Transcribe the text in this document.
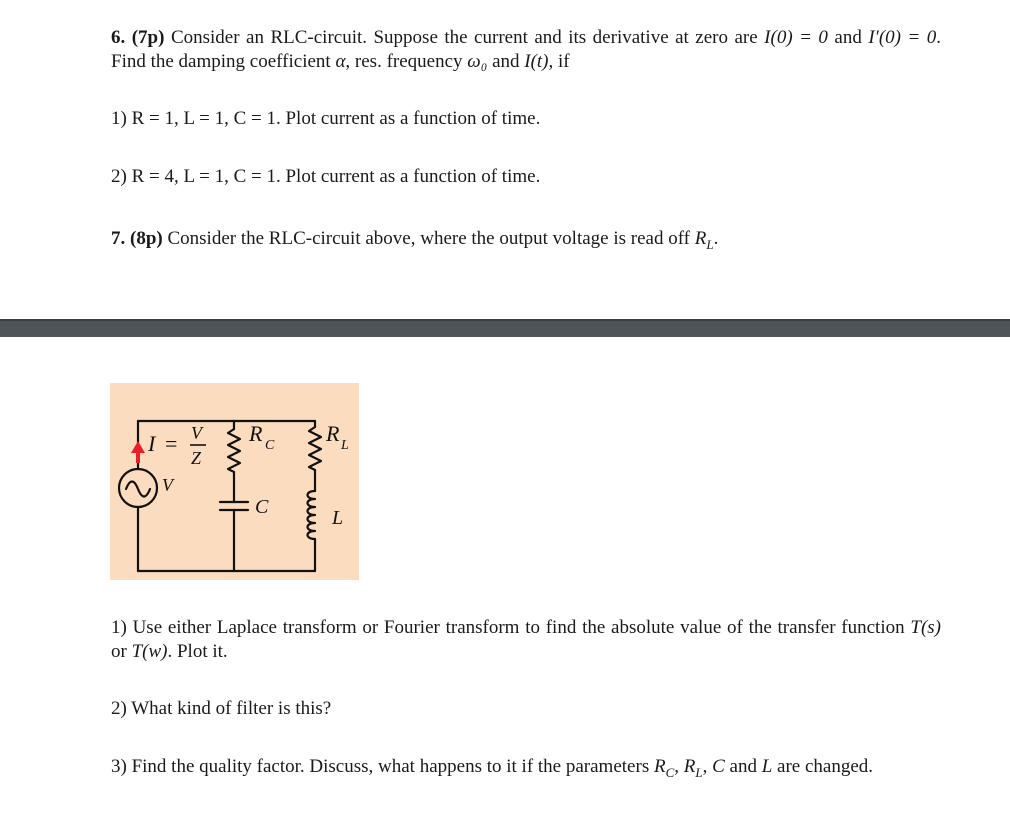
6. (7p) Consider an RLC-circuit. Suppose the current and its derivative at zero are I(0) = 0 and I′(0) = 0. Find the damping coefficient α, res. frequency ω₀ and I(t), if
1) R = 1, L = 1, C = 1. Plot current as a function of time.
2) R = 4, L = 1, C = 1. Plot current as a function of time.
7. (8p) Consider the RLC-circuit above, where the output voltage is read off $R_L$.
I = V
Z
V
R C R L
C	L
1) Use either Laplace transform or Fourier transform to find the absolute value of the transfer function T(s) or T(w). Plot it.
2) What kind of filter is this?
3) Find the quality factor. Discuss, what happens to it if the parameters $R_C$, $R_L$, C and L are changed.
